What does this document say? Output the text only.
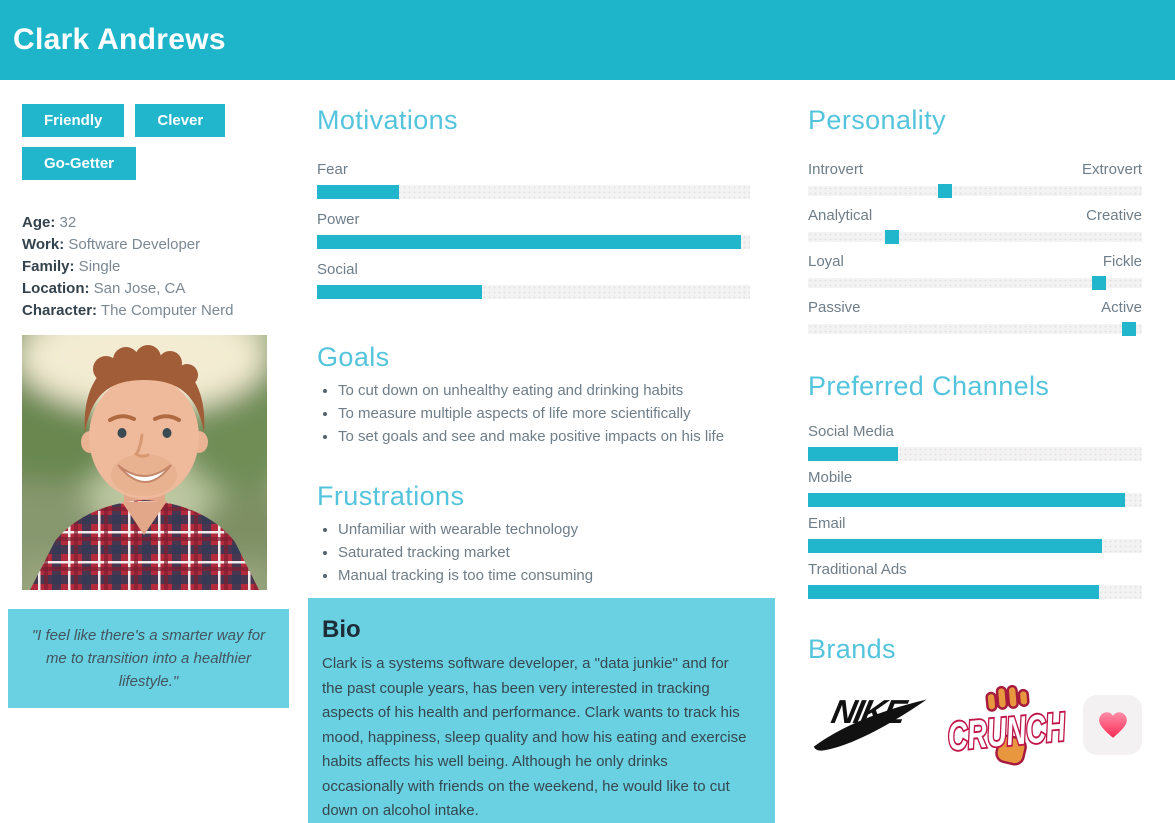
Clark Andrews
Friendly	Clever
Go-Getter
Age: 32
Work: Software Developer
Family: Single
Location: San Jose, CA
Character: The Computer Nerd
"I feel like there's a smarter way for me to transition into a healthier lifestyle."
Motivations
Fear
Power
Social
Goals
• To cut down on unhealthy eating and drinking habits
• To measure multiple aspects of life more scientifically
• To set goals and see and make positive impacts on his life
Frustrations
• Unfamiliar with wearable technology
• Saturated tracking market
• Manual tracking is too time consuming
Bio

Clark is a systems software developer, a "data junkie" and for the past couple years, has been very interested in tracking aspects of his health and performance. Clark wants to track his mood, happiness, sleep quality and how his eating and exercise habits affects his well being. Although he only drinks occasionally with friends on the weekend, he would like to cut down on alcohol intake.

Personality
Introvert	Extrovert
Analytical	Creative
Loyal	Fickle
Passive	Active
Preferred Channels
Social Media
Mobile
Email
Traditional Ads
Brands
NIKE CRUNCH
